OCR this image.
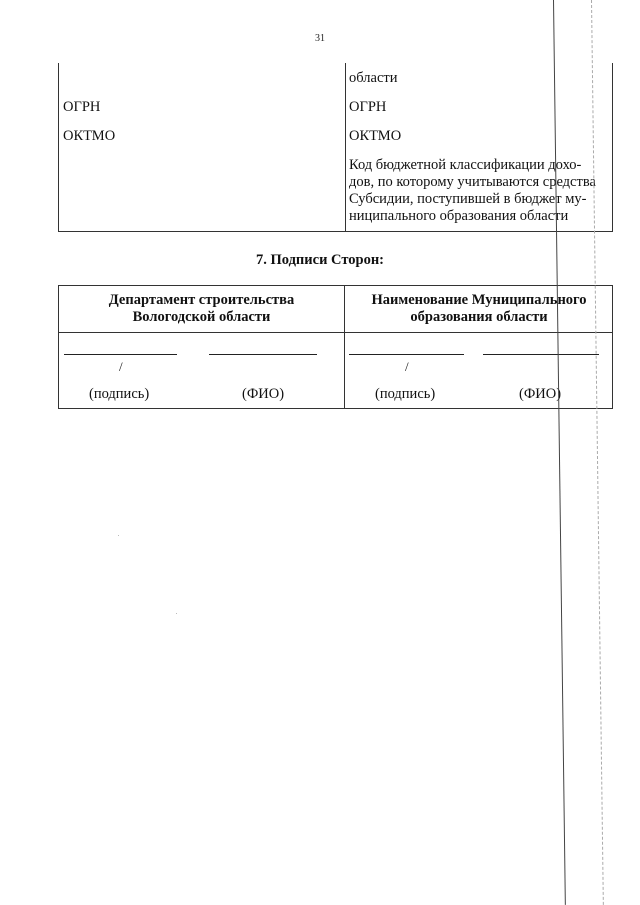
31
ОГРН
ОКТМО
области
ОГРН
ОКТМО
Код бюджетной классификации дохо-
дов, по которому учитываются средства
Субсидии, поступившей в бюджет му-
ниципального образования области
7. Подписи Сторон:
Департамент строительства
Вологодской области
Наименование Муниципального
образования области
/
(подпись)	(ФИО)
/
(подпись)	(ФИО)
